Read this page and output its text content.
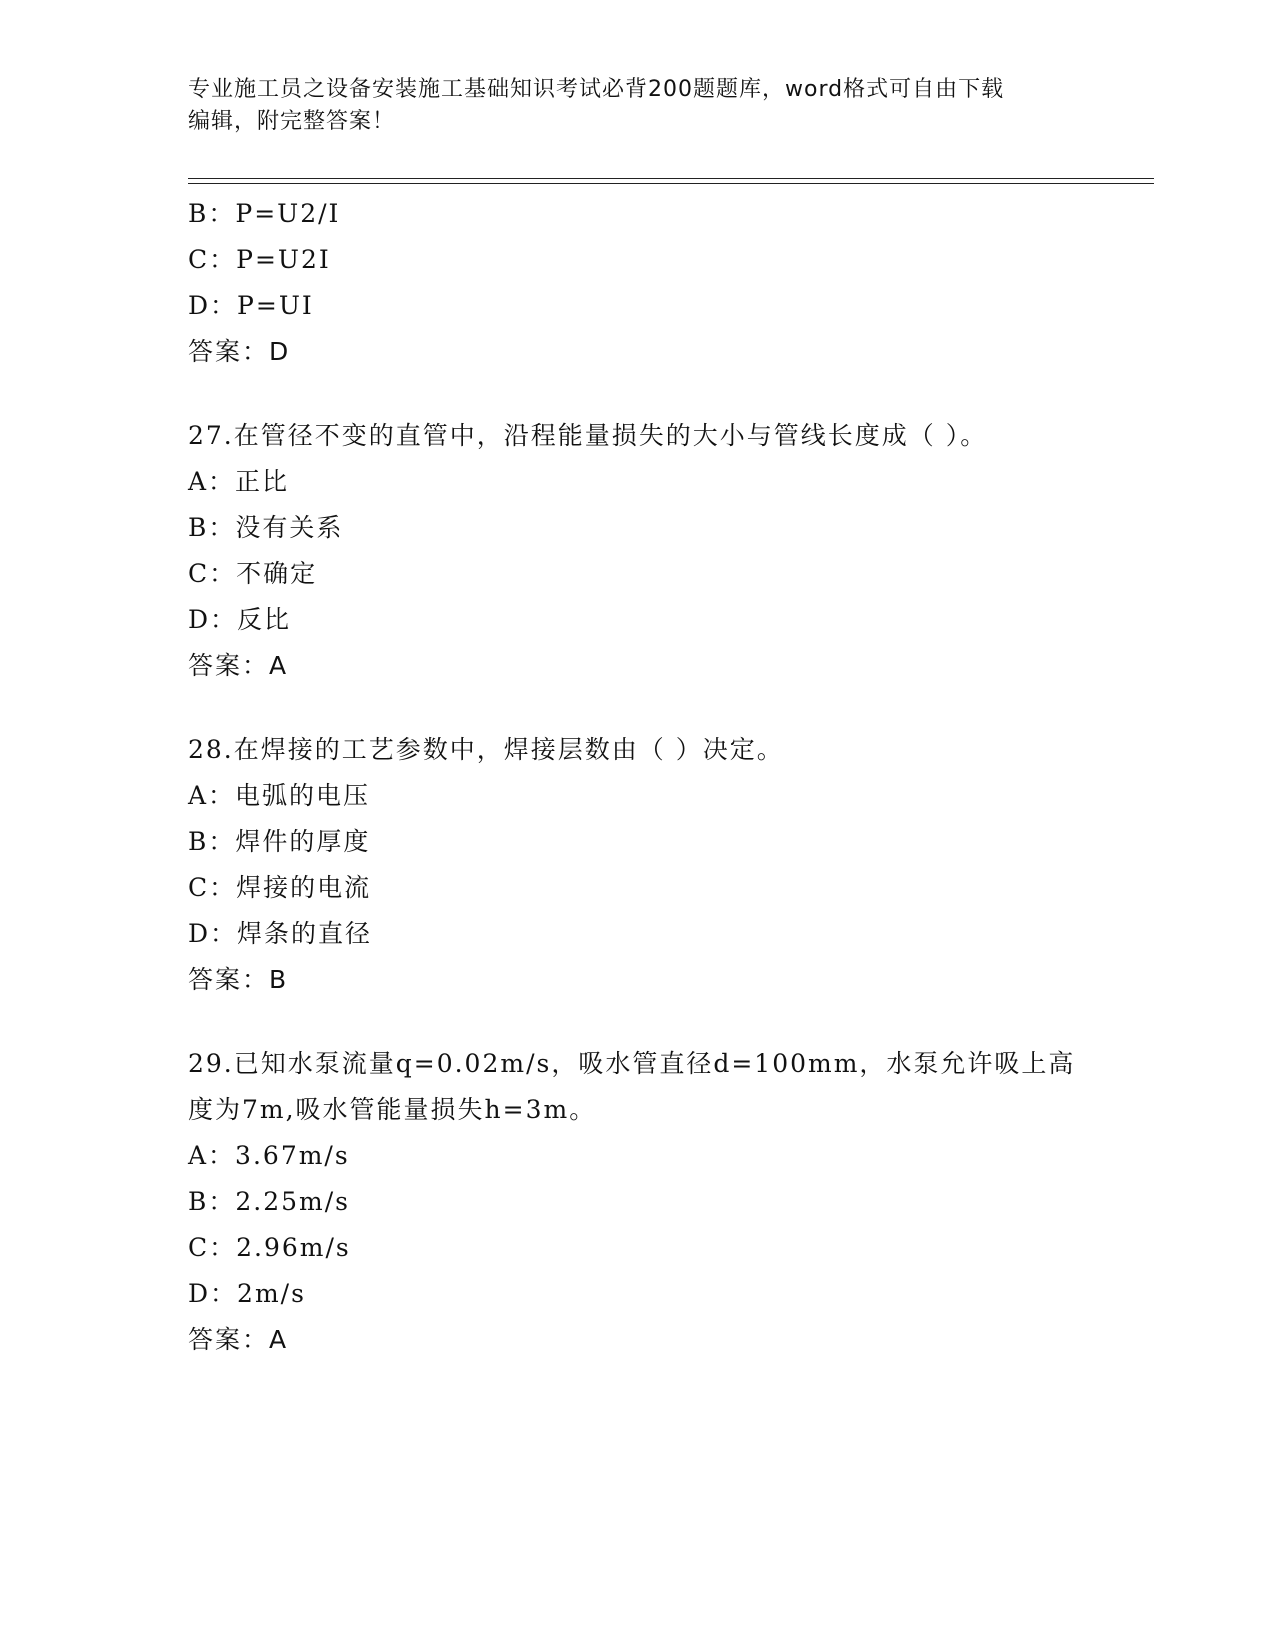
专业施工员之设备安装施工基础知识考试必背200题题库，word格式可自由下载
编辑，附完整答案！
B：P=U2/I
C：P=U2I
D：P=UI
答案：D
27.在管径不变的直管中，沿程能量损失的大小与管线长度成（ ）。
A：正比
B：没有关系
C：不确定
D：反比
答案：A
28.在焊接的工艺参数中，焊接层数由（ ）决定。
A：电弧的电压
B：焊件的厚度
C：焊接的电流
D：焊条的直径
答案：B
29.已知水泵流量q=0.02m/s，吸水管直径d=100mm，水泵允许吸上高
度为7m,吸水管能量损失h=3m。
A：3.67m/s
B：2.25m/s
C：2.96m/s
D：2m/s
答案：A
